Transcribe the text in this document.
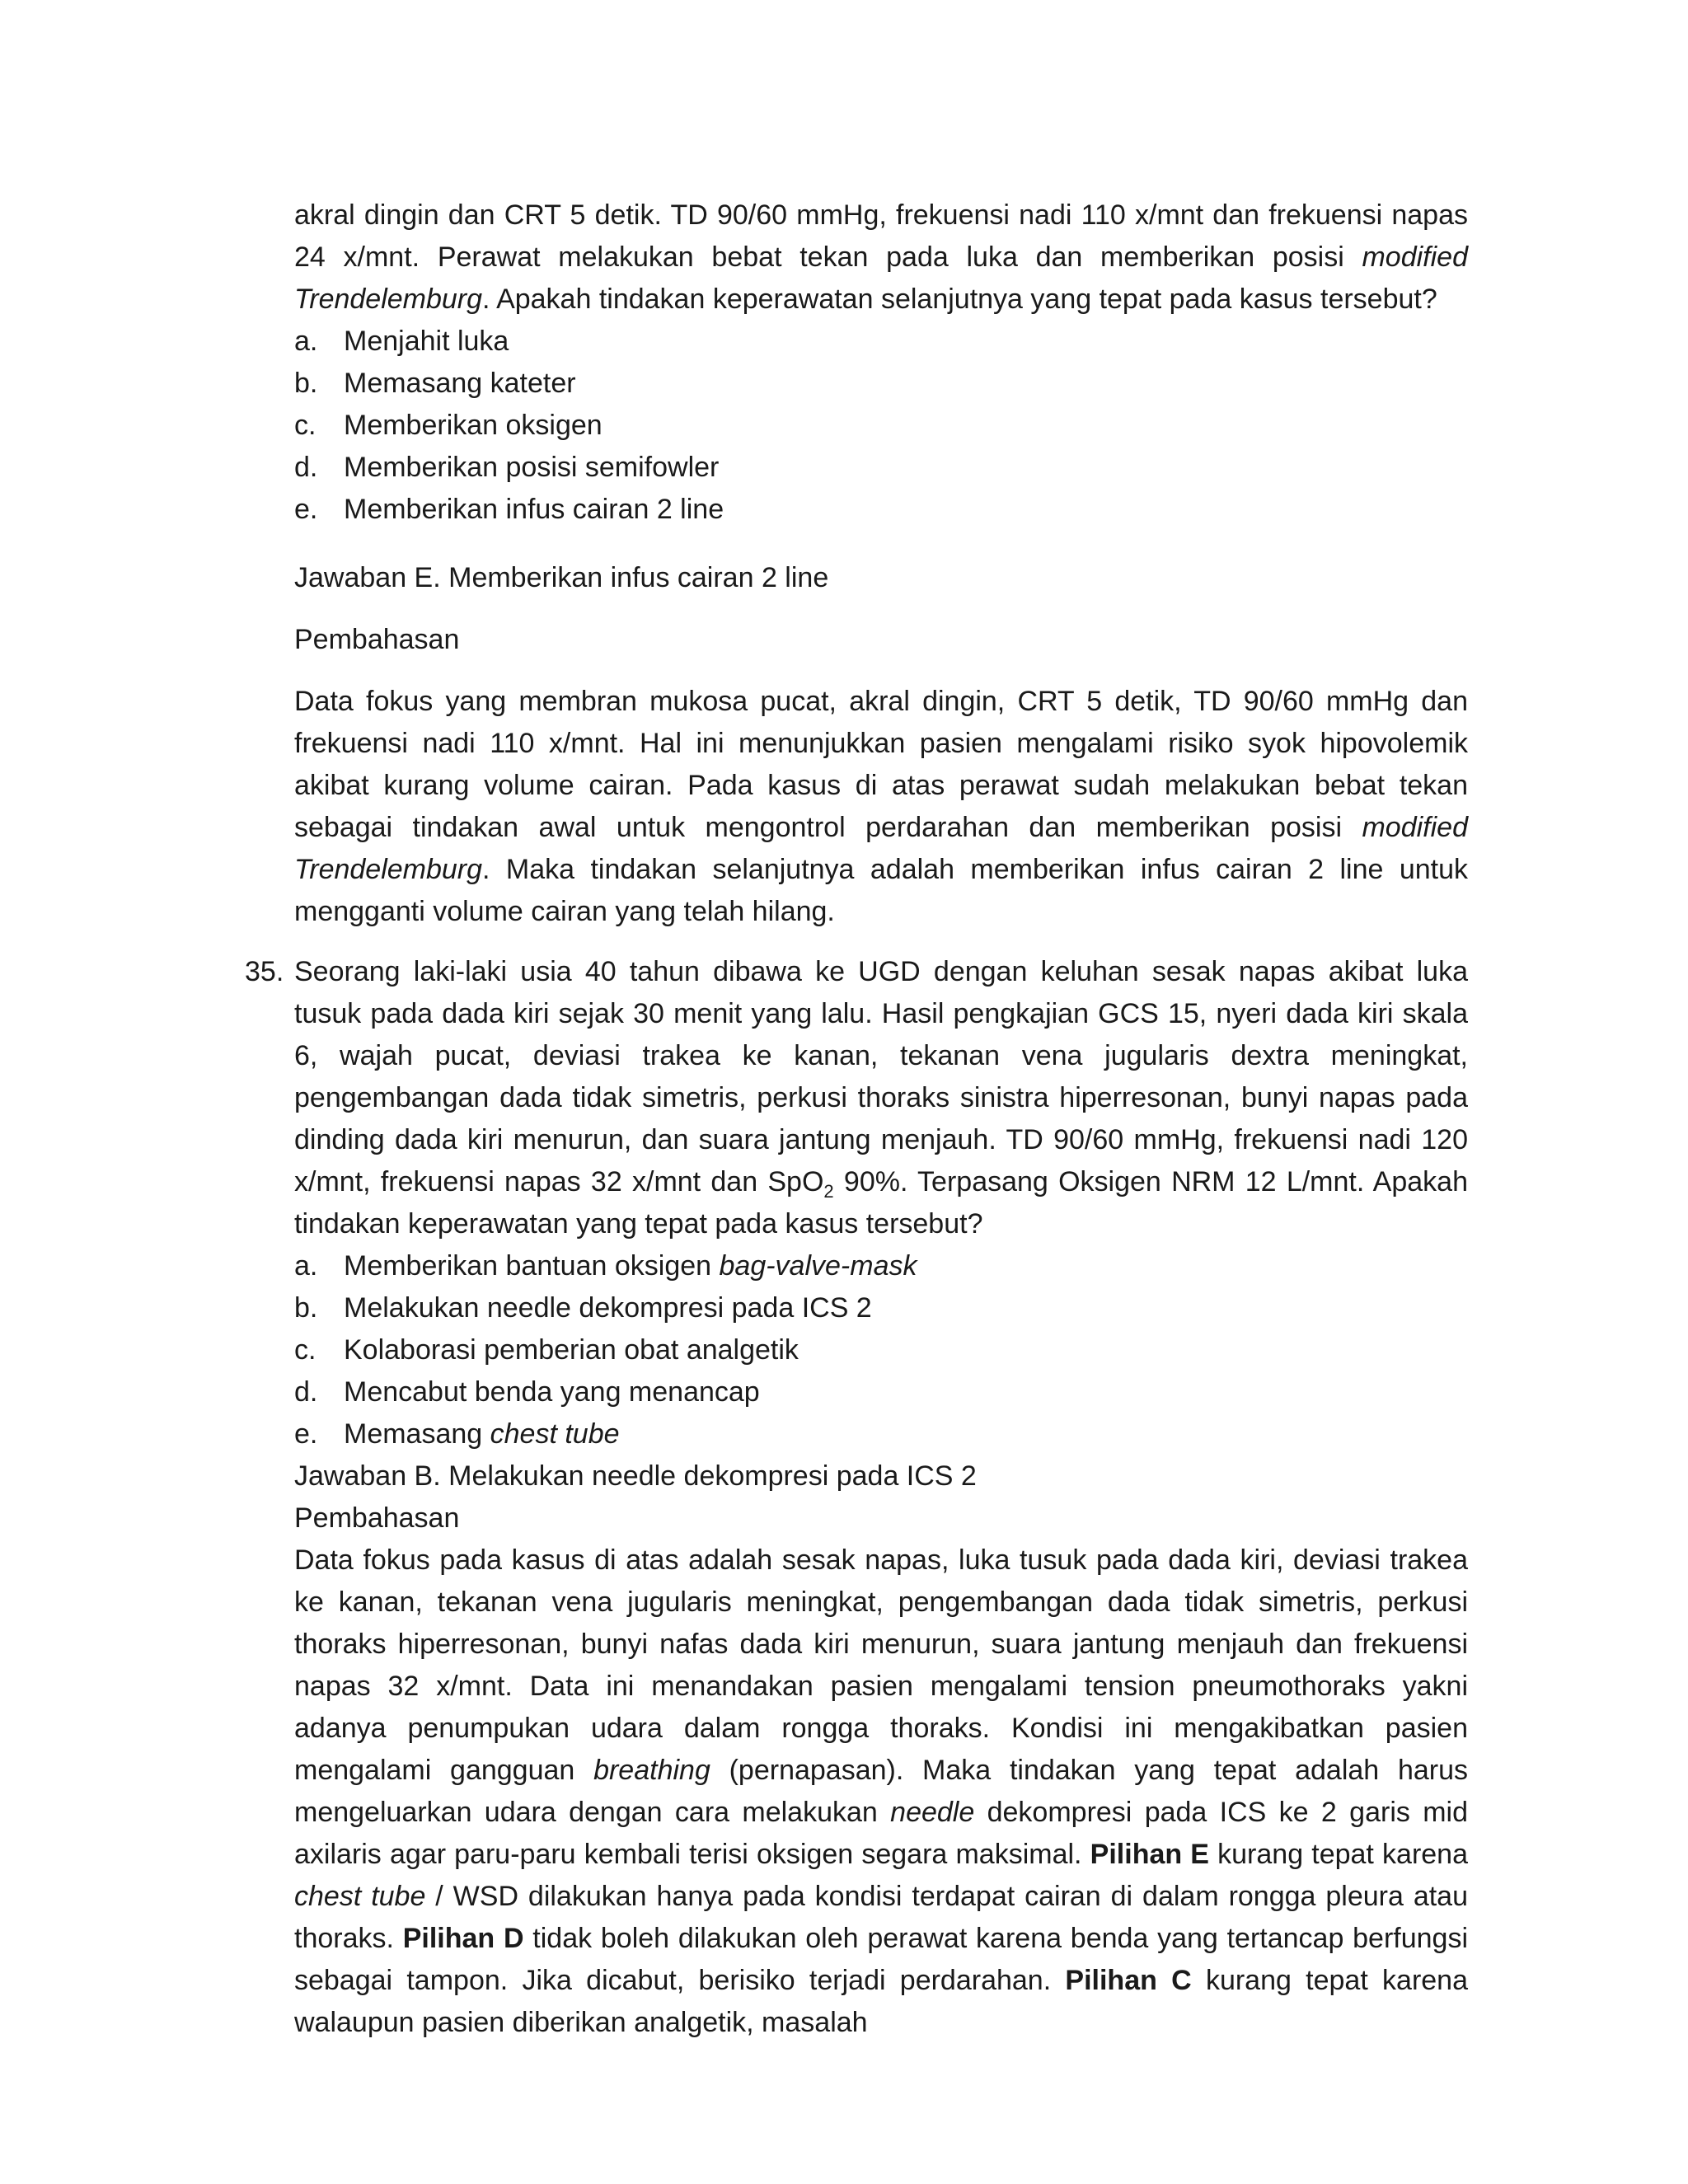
akral dingin dan CRT 5 detik. TD 90/60 mmHg, frekuensi nadi 110 x/mnt dan frekuensi napas 24 x/mnt. Perawat melakukan bebat tekan pada luka dan memberikan posisi modified Trendelemburg. Apakah tindakan keperawatan selanjutnya yang tepat pada kasus tersebut?

a. Menjahit luka
b. Memasang kateter
c. Memberikan oksigen
d. Memberikan posisi semifowler
e. Memberikan infus cairan 2 line

Jawaban E. Memberikan infus cairan 2 line

Pembahasan

Data fokus yang membran mukosa pucat, akral dingin, CRT 5 detik, TD 90/60 mmHg dan frekuensi nadi 110 x/mnt. Hal ini menunjukkan pasien mengalami risiko syok hipovolemik akibat kurang volume cairan. Pada kasus di atas perawat sudah melakukan bebat tekan sebagai tindakan awal untuk mengontrol perdarahan dan memberikan posisi modified Trendelemburg. Maka tindakan selanjutnya adalah memberikan infus cairan 2 line untuk mengganti volume cairan yang telah hilang.

35. Seorang laki-laki usia 40 tahun dibawa ke UGD dengan keluhan sesak napas akibat luka tusuk pada dada kiri sejak 30 menit yang lalu. Hasil pengkajian GCS 15, nyeri dada kiri skala 6, wajah pucat, deviasi trakea ke kanan, tekanan vena jugularis dextra meningkat, pengembangan dada tidak simetris, perkusi thoraks sinistra hiperresonan, bunyi napas pada dinding dada kiri menurun, dan suara jantung menjauh. TD 90/60 mmHg, frekuensi nadi 120 x/mnt, frekuensi napas 32 x/mnt dan SpO$_2$ 90%. Terpasang Oksigen NRM 12 L/mnt. Apakah tindakan keperawatan yang tepat pada kasus tersebut?

a. Memberikan bantuan oksigen bag-valve-mask
b. Melakukan needle dekompresi pada ICS 2
c. Kolaborasi pemberian obat analgetik
d. Mencabut benda yang menancap
e. Memasang chest tube

Jawaban B. Melakukan needle dekompresi pada ICS 2

Pembahasan

Data fokus pada kasus di atas adalah sesak napas, luka tusuk pada dada kiri, deviasi trakea ke kanan, tekanan vena jugularis meningkat, pengembangan dada tidak simetris, perkusi thoraks hiperresonan, bunyi nafas dada kiri menurun, suara jantung menjauh dan frekuensi napas 32 x/mnt. Data ini menandakan pasien mengalami tension pneumothoraks yakni adanya penumpukan udara dalam rongga thoraks. Kondisi ini mengakibatkan pasien mengalami gangguan breathing (pernapasan). Maka tindakan yang tepat adalah harus mengeluarkan udara dengan cara melakukan needle dekompresi pada ICS ke 2 garis mid axilaris agar paru-paru kembali terisi oksigen segara maksimal. Pilihan E kurang tepat karena chest tube / WSD dilakukan hanya pada kondisi terdapat cairan di dalam rongga pleura atau thoraks. Pilihan D tidak boleh dilakukan oleh perawat karena benda yang tertancap berfungsi sebagai tampon. Jika dicabut, berisiko terjadi perdarahan. Pilihan C kurang tepat karena walaupun pasien diberikan analgetik, masalah
